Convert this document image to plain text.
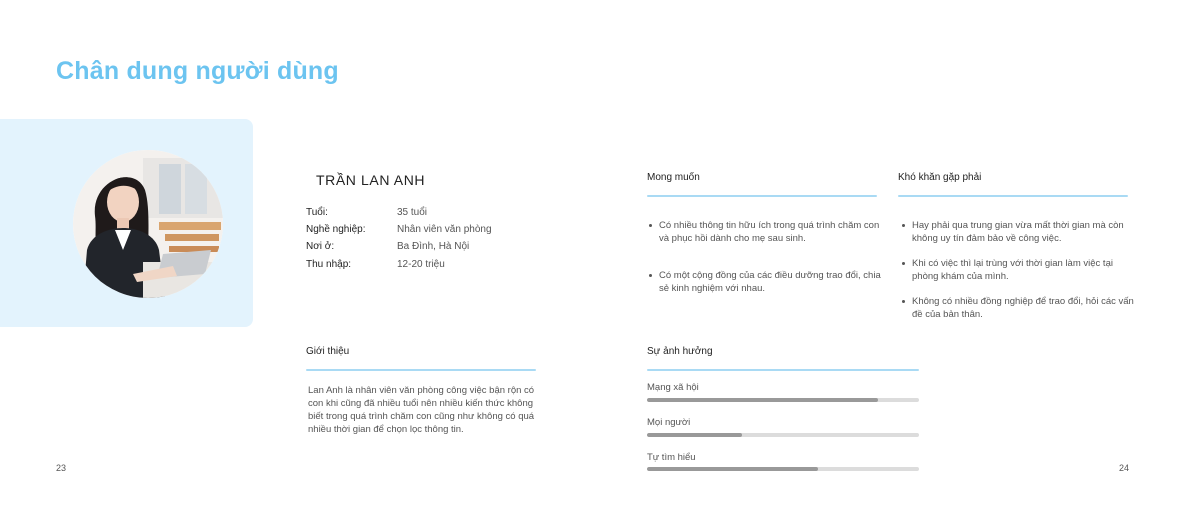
Chân dung người dùng
TRẦN LAN ANH
Tuổi:	35 tuổi
Nghề nghiệp:	Nhân viên văn phòng
Nơi ở:	Ba Đình, Hà Nội
Thu nhập:	12-20 triệu
Mong muốn
Có nhiều thông tin hữu ích trong quá trình chăm con và phục hồi dành cho mẹ sau sinh.
Có một cộng đồng của các điều dưỡng trao đổi, chia sẻ kinh nghiệm với nhau.
Khó khăn gặp phải
Hay phải qua trung gian vừa mất thời gian mà còn không uy tín đảm bảo về công việc.
Khi có việc thì lại trùng với thời gian làm việc tại phòng khám của mình.
Không có nhiều đồng nghiệp để trao đổi, hỏi các vấn đề của bản thân.
Giới thiệu
Lan Anh là nhân viên văn phòng công việc bận rộn có con khi cũng đã nhiều tuổi nên nhiều kiến thức không biết trong quá trình chăm con cũng như không có quá nhiều thời gian để chọn lọc thông tin.
Sự ảnh hưởng
Mạng xã hội
Mọi người
Tự tìm hiểu
23	24
